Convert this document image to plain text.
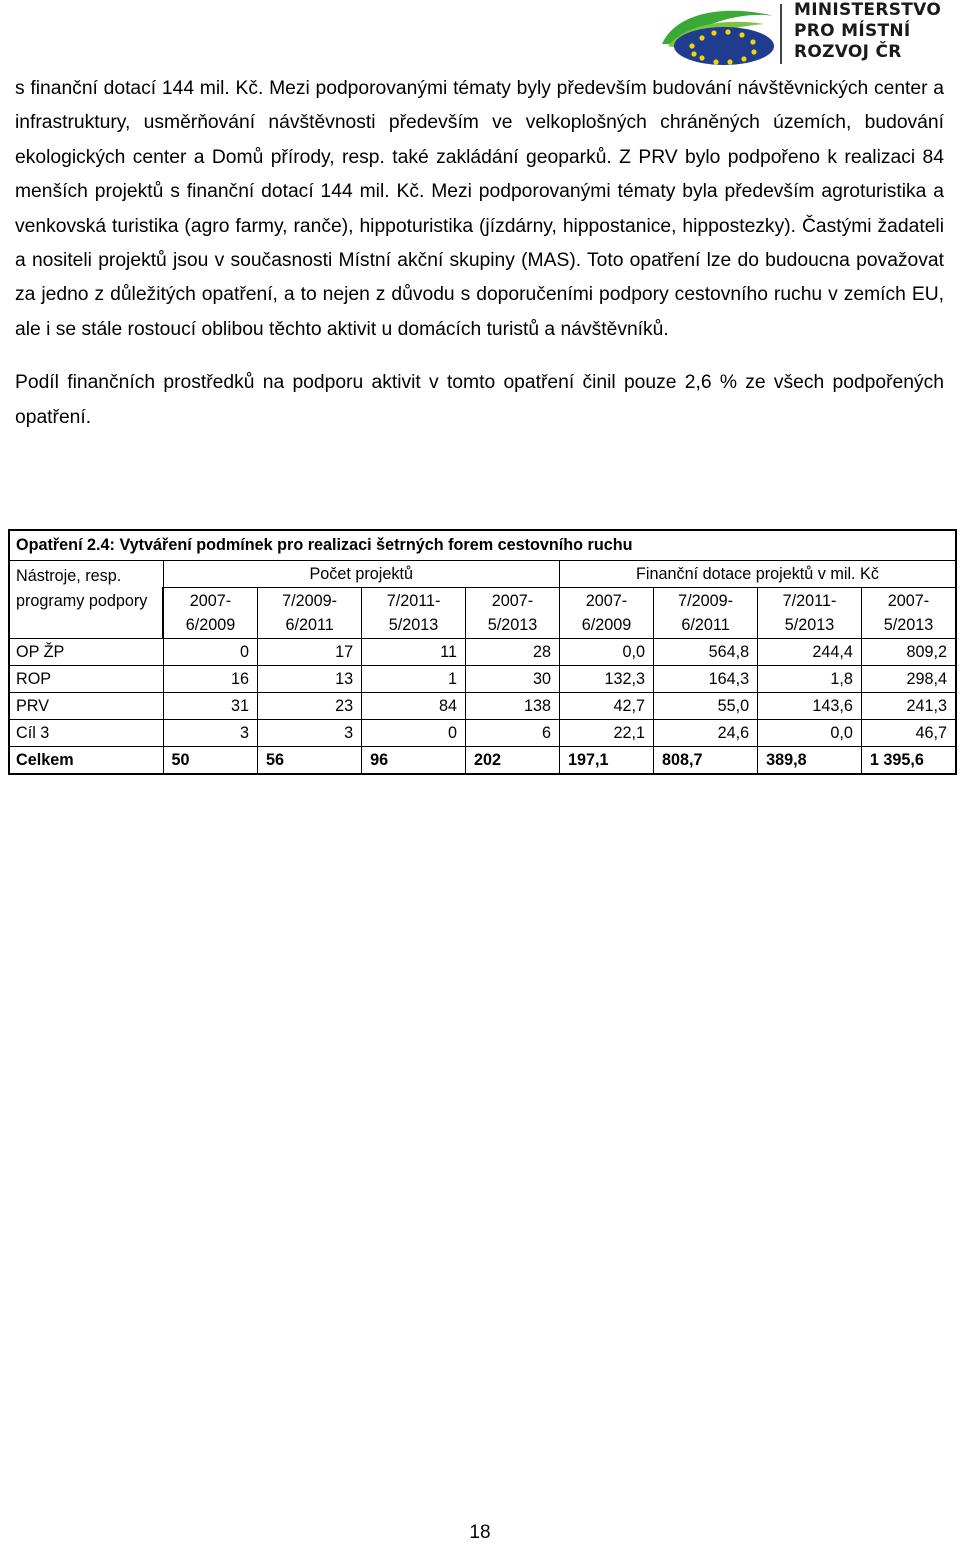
MINISTERSTVO
PRO MÍSTNÍ
ROZVOJ ČR

s finanční dotací 144 mil. Kč. Mezi podporovanými tématy byly především budování návštěvnických center a infrastruktury, usměrňování návštěvnosti především ve velkoplošných chráněných územích, budování ekologických center a Domů přírody, resp. také zakládání geoparků. Z PRV bylo podpořeno k realizaci 84 menších projektů s finanční dotací 144 mil. Kč. Mezi podporovanými tématy byla především agroturistika a venkovská turistika (agro farmy, ranče), hippoturistika (jízdárny, hippostanice, hippostezky). Častými žadateli a nositeli projektů jsou v současnosti Místní akční skupiny (MAS). Toto opatření lze do budoucna považovat za jedno z důležitých opatření, a to nejen z důvodu s doporučeními podpory cestovního ruchu v zemích EU, ale i se stále rostoucí oblibou těchto aktivit u domácích turistů a návštěvníků.

Podíl finančních prostředků na podporu aktivit v tomto opatření činil pouze 2,6 % ze všech podpořených opatření.

Opatření 2.4: Vytváření podmínek pro realizaci šetrných forem cestovního ruchu								
Nástroje, resp. programy podpory	Počet projektů				Finanční dotace projektů v mil. Kč			
	2007- 6/2009	7/2009- 6/2011	7/2011- 5/2013	2007- 5/2013	2007- 6/2009	7/2009- 6/2011	7/2011- 5/2013	2007- 5/2013
OP ŽP	0	17	11	28	0,0	564,8	244,4	809,2
ROP	16	13	1	30	132,3	164,3	1,8	298,4
PRV	31	23	84	138	42,7	55,0	143,6	241,3
Cíl 3	3	3	0	6	22,1	24,6	0,0	46,7
Celkem	50	56	96	202	197,1	808,7	389,8	1 395,6
18
